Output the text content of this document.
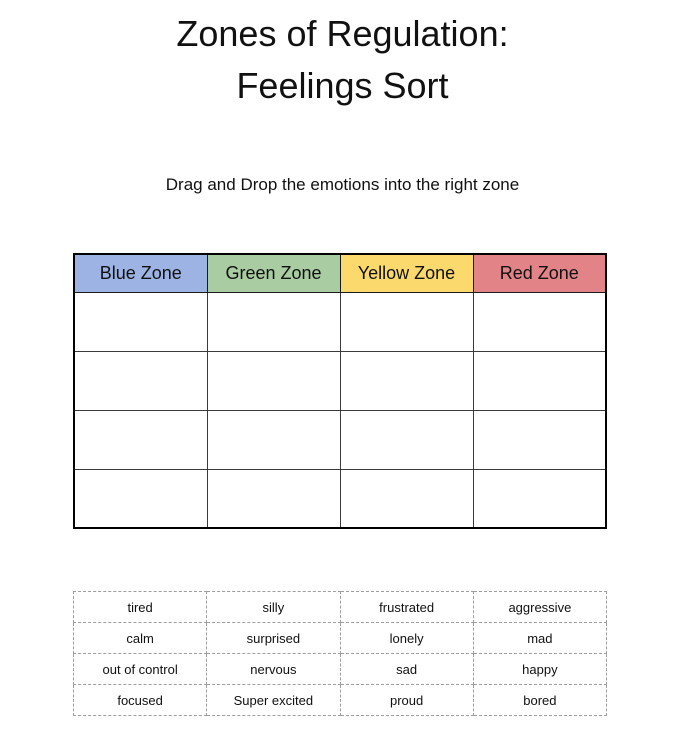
Zones of Regulation:
Feelings Sort
Drag and Drop the emotions into the right zone
Blue Zone	Green Zone	Yellow Zone	Red Zone

tired	silly	frustrated	aggressive
calm	surprised	lonely	mad
out of control	nervous	sad	happy
focused	Super excited	proud	bored
